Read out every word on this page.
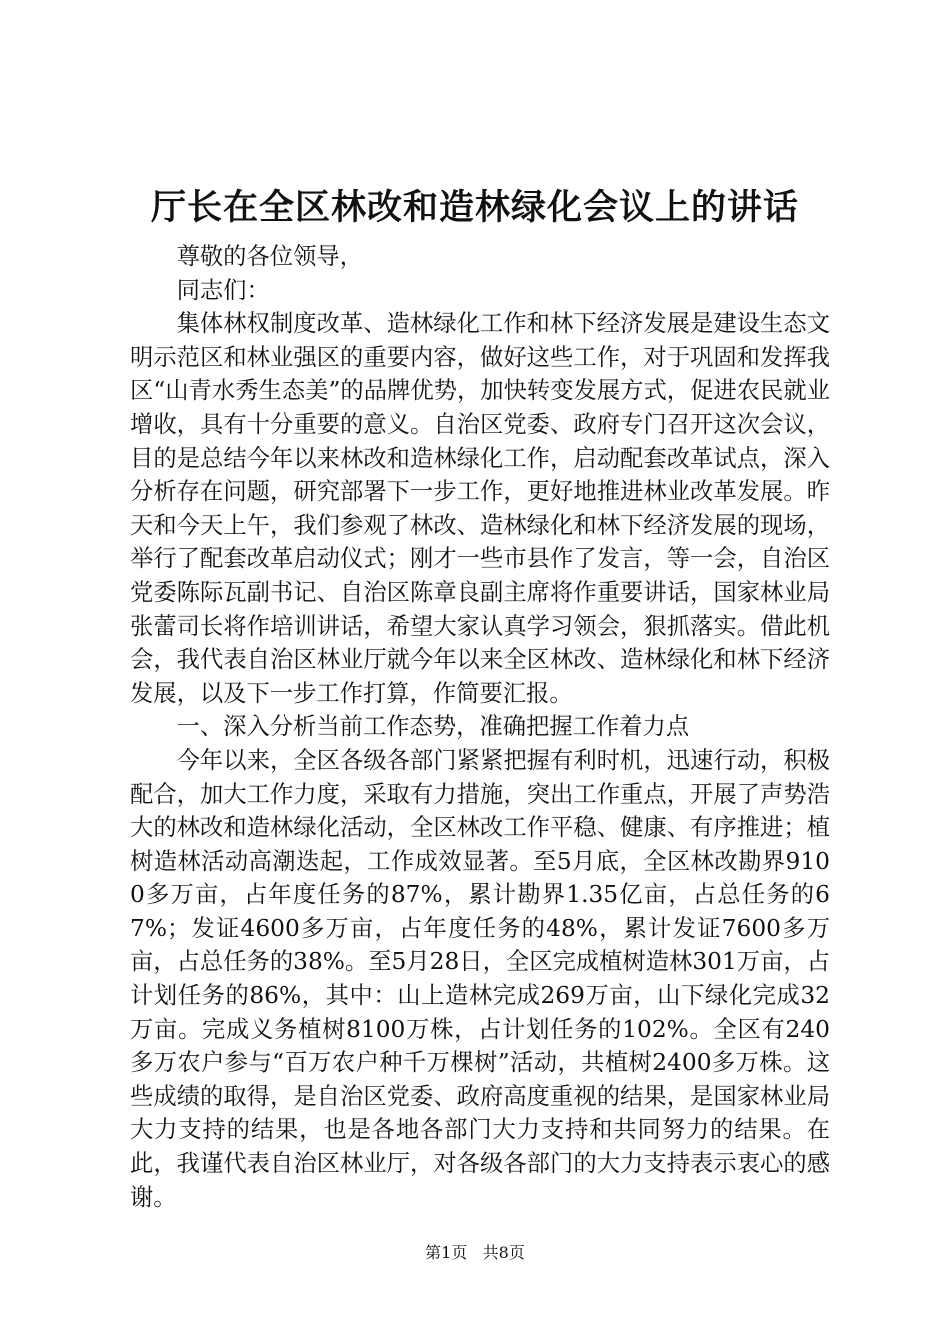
厅长在全区林改和造林绿化会议上的讲话

尊敬的各位领导，

同志们：

集体林权制度改革、造林绿化工作和林下经济发展是建设生态文明示范区和林业强区的重要内容，做好这些工作，对于巩固和发挥我区“山青水秀生态美”的品牌优势，加快转变发展方式，促进农民就业增收，具有十分重要的意义。自治区党委、政府专门召开这次会议，目的是总结今年以来林改和造林绿化工作，启动配套改革试点，深入分析存在问题，研究部署下一步工作，更好地推进林业改革发展。昨天和今天上午，我们参观了林改、造林绿化和林下经济发展的现场，举行了配套改革启动仪式；刚才一些市县作了发言，等一会，自治区党委陈际瓦副书记、自治区陈章良副主席将作重要讲话，国家林业局张蕾司长将作培训讲话，希望大家认真学习领会，狠抓落实。借此机会，我代表自治区林业厅就今年以来全区林改、造林绿化和林下经济发展，以及下一步工作打算，作简要汇报。

一、深入分析当前工作态势，准确把握工作着力点

今年以来，全区各级各部门紧紧把握有利时机，迅速行动，积极配合，加大工作力度，采取有力措施，突出工作重点，开展了声势浩大的林改和造林绿化活动，全区林改工作平稳、健康、有序推进；植树造林活动高潮迭起，工作成效显著。至5月底，全区林改勘界9100多万亩，占年度任务的87%，累计勘界1.35亿亩，占总任务的67%；发证4600多万亩，占年度任务的48%，累计发证7600多万亩，占总任务的38%。至5月28日，全区完成植树造林301万亩，占计划任务的86%，其中：山上造林完成269万亩，山下绿化完成32万亩。完成义务植树8100万株，占计划任务的102%。全区有240多万农户参与“百万农户种千万棵树”活动，共植树2400多万株。这些成绩的取得，是自治区党委、政府高度重视的结果，是国家林业局大力支持的结果，也是各地各部门大力支持和共同努力的结果。在此，我谨代表自治区林业厅，对各级各部门的大力支持表示衷心的感谢。

第1页 共8页
